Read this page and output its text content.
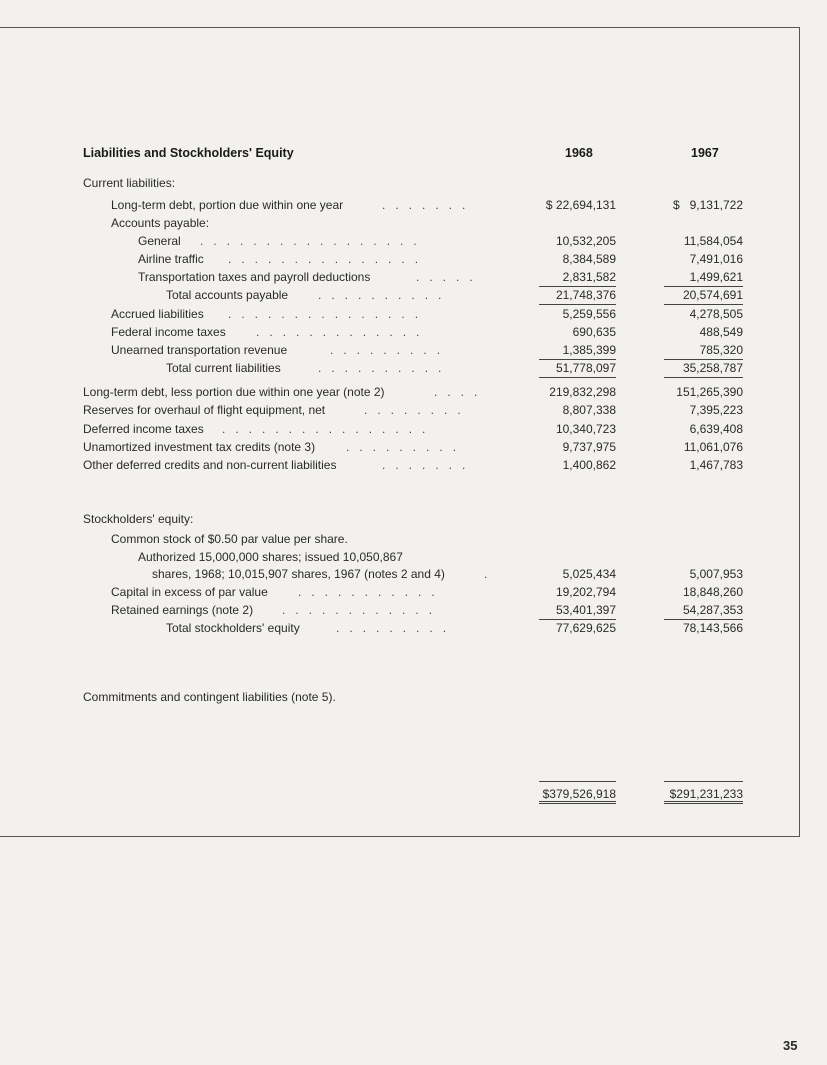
Liabilities and Stockholders' Equity	1968	1967
Current liabilities:
Long-term debt, portion due within one year	.   .   .   .   .   .   .	$ 22,694,131	$   9,131,722
Accounts payable:
General .   .   .   .   .   .   .   .   .   .   .   .   .   .   .   .   .	10,532,205	11,584,054
Airline traffic .   .   .   .   .   .   .   .   .   .   .   .   .   .   .	8,384,589	7,491,016
Transportation taxes and payroll deductions	.   .   .   .   .	2,831,582	1,499,621
Total accounts payable .   .   .   .   .   .   .   .   .   .	21,748,376	20,574,691
Accrued liabilities .   .   .   .   .   .   .   .   .   .   .   .   .   .   .	5,259,556	4,278,505
Federal income taxes	.   .   .   .   .   .   .   .   .   .   .   .   .	690,635	488,549
Unearned transportation revenue	.   .   .   .   .   .   .   .   .	1,385,399	785,320
Total current liabilities	.   .   .   .   .   .   .   .   .   .	51,778,097	35,258,787
Long-term debt, less portion due within one year (note 2)	.   .   .   .	219,832,298	151,265,390
Reserves for overhaul of flight equipment, net	.   .   .   .   .   .   .   .	8,807,338	7,395,223
Deferred income taxes .   .   .   .   .   .   .   .   .   .   .   .   .   .   .   .	10,340,723	6,639,408
Unamortized investment tax credits (note 3)	.   .   .   .   .   .   .   .   .	9,737,975	11,061,076
Other deferred credits and non-current liabilities	.   .   .   .   .   .   .	1,400,862	1,467,783
Stockholders' equity:
Common stock of $0.50 par value per share.
Authorized 15,000,000 shares; issued 10,050,867
shares, 1968; 10,015,907 shares, 1967 (notes 2 and 4)	.	5,025,434	5,007,953
Capital in excess of par value	.   .   .   .   .   .   .   .   .   .   .	19,202,794	18,848,260
Retained earnings (note 2) .   .   .   .   .   .   .   .   .   .   .   .	53,401,397	54,287,353
Total stockholders' equity	.   .   .   .   .   .   .   .   .	77,629,625	78,143,566
Commitments and contingent liabilities (note 5).
$379,526,918	$291,231,233
35
